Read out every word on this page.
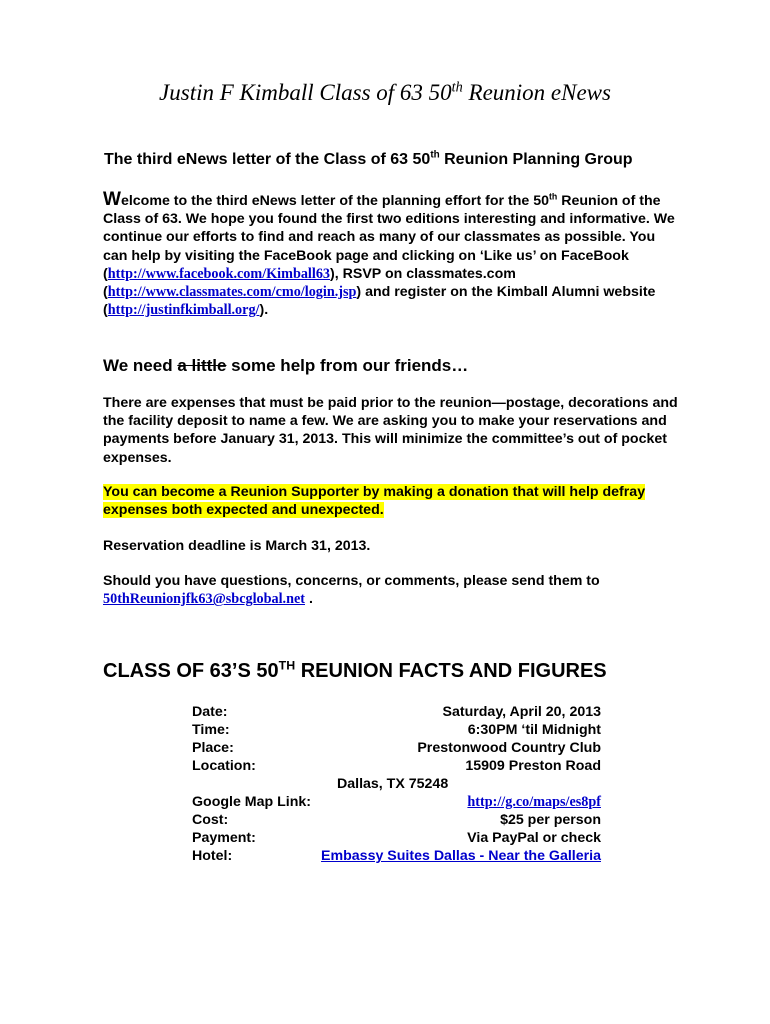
Justin F Kimball Class of 63 50th Reunion eNews
The third eNews letter of the Class of 63 50th Reunion Planning Group
Welcome to the third eNews letter of the planning effort for the 50th Reunion of the Class of 63. We hope you found the first two editions interesting and informative. We continue our efforts to find and reach as many of our classmates as possible. You can help by visiting the FaceBook page and clicking on ‘Like us’ on FaceBook (http://www.facebook.com/Kimball63), RSVP on classmates.com (http://www.classmates.com/cmo/login.jsp) and register on the Kimball Alumni website (http://justinfkimball.org/).
We need a little some help from our friends…
There are expenses that must be paid prior to the reunion—postage, decorations and the facility deposit to name a few. We are asking you to make your reservations and payments before January 31, 2013. This will minimize the committee’s out of pocket expenses.
You can become a Reunion Supporter by making a donation that will help defray expenses both expected and unexpected.
Reservation deadline is March 31, 2013.
Should you have questions, concerns, or comments, please send them to
50thReunionjfk63@sbcglobal.net .
CLASS OF 63’S 50TH REUNION FACTS AND FIGURES
Date:	Saturday, April 20, 2013
Time:	6:30PM ‘til Midnight
Place:	Prestonwood Country Club
Location:	15909 Preston Road
Dallas, TX 75248
Google Map Link:	http://g.co/maps/es8pf
Cost:	$25 per person
Payment:	Via PayPal or check
Hotel:	Embassy Suites Dallas - Near the Galleria
